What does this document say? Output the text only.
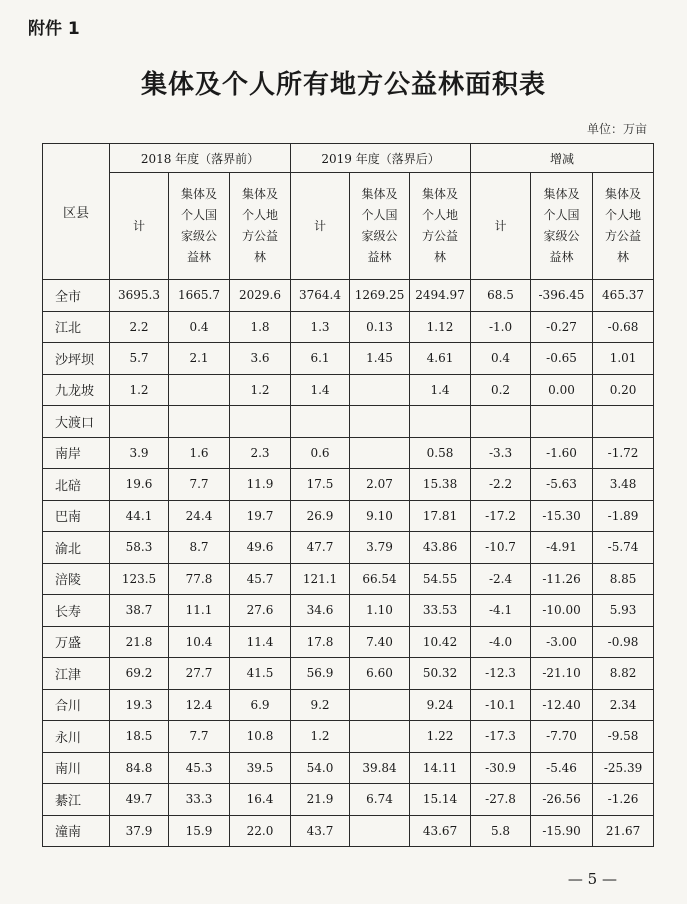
附件 1
集体及个人所有地方公益林面积表
单位：万亩
区县	2018 年度（落界前）			2019 年度（落界后）			增减		

	计	集体及
个人国
家级公
益林	集体及
个人地
方公益
林	计	集体及
个人国
家级公
益林	集体及
个人地
方公益
林	计	集体及
个人国
家级公
益林	集体及
个人地
方公益
林

全市	3695.3	1665.7	2029.6	3764.4	1269.25	2494.97	68.5	-396.45	465.37
江北	2.2	0.4	1.8	1.3	0.13	1.12	-1.0	-0.27	-0.68
沙坪坝	5.7	2.1	3.6	6.1	1.45	4.61	0.4	-0.65	1.01
九龙坡	1.2		1.2	1.4		1.4	0.2	0.00	0.20
大渡口									
南岸	3.9	1.6	2.3	0.6		0.58	-3.3	-1.60	-1.72
北碚	19.6	7.7	11.9	17.5	2.07	15.38	-2.2	-5.63	3.48
巴南	44.1	24.4	19.7	26.9	9.10	17.81	-17.2	-15.30	-1.89
渝北	58.3	8.7	49.6	47.7	3.79	43.86	-10.7	-4.91	-5.74
涪陵	123.5	77.8	45.7	121.1	66.54	54.55	-2.4	-11.26	8.85
长寿	38.7	11.1	27.6	34.6	1.10	33.53	-4.1	-10.00	5.93
万盛	21.8	10.4	11.4	17.8	7.40	10.42	-4.0	-3.00	-0.98
江津	69.2	27.7	41.5	56.9	6.60	50.32	-12.3	-21.10	8.82
合川	19.3	12.4	6.9	9.2		9.24	-10.1	-12.40	2.34
永川	18.5	7.7	10.8	1.2		1.22	-17.3	-7.70	-9.58
南川	84.8	45.3	39.5	54.0	39.84	14.11	-30.9	-5.46	-25.39
綦江	49.7	33.3	16.4	21.9	6.74	15.14	-27.8	-26.56	-1.26
潼南	37.9	15.9	22.0	43.7		43.67	5.8	-15.90	21.67
— 5 —
